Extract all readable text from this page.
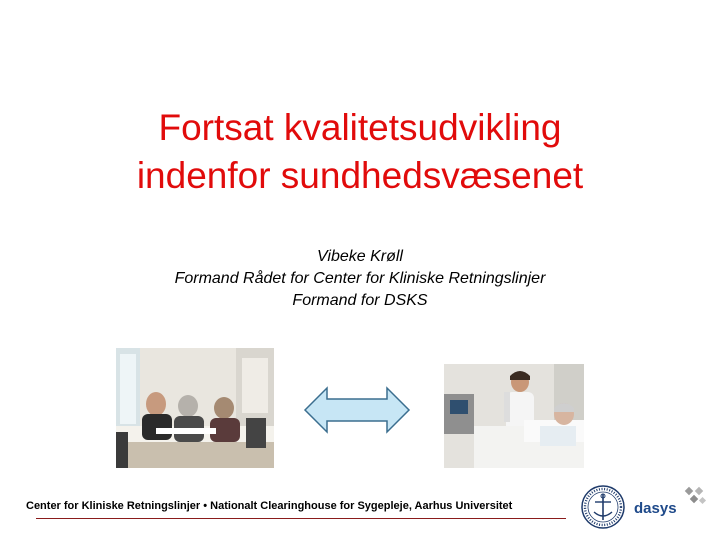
Fortsat kvalitetsudvikling
indenfor sundhedsvæsenet
Vibeke Krøll
Formand Rådet for Center for Kliniske Retningslinjer
Formand for DSKS
Center for Kliniske Retningslinjer • Nationalt Clearinghouse for Sygepleje, Aarhus Universitet	dasys
